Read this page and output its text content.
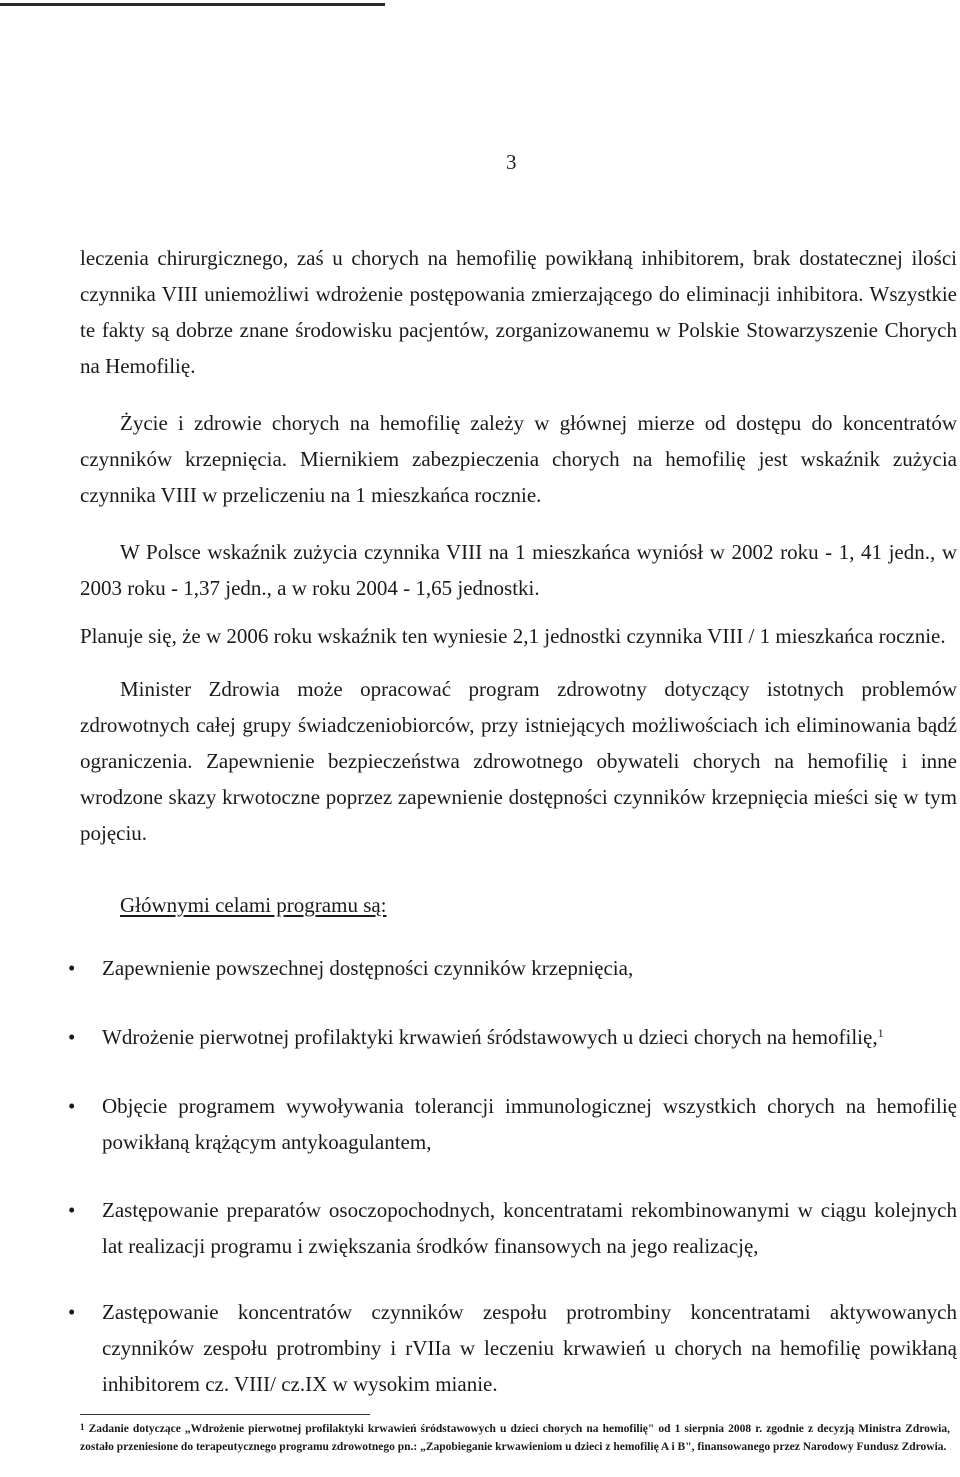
3

leczenia chirurgicznego, zaś u chorych na hemofilię powikłaną inhibitorem, brak dostatecznej ilości czynnika VIII uniemożliwi wdrożenie postępowania zmierzającego do eliminacji inhibitora. Wszystkie te fakty są dobrze znane środowisku pacjentów, zorganizowanemu w Polskie Stowarzyszenie Chorych na Hemofilię.

Życie i zdrowie chorych na hemofilię zależy w głównej mierze od dostępu do koncentratów czynników krzepnięcia. Miernikiem zabezpieczenia chorych na hemofilię jest wskaźnik zużycia czynnika VIII w przeliczeniu na 1 mieszkańca rocznie.

W Polsce wskaźnik zużycia czynnika VIII na 1 mieszkańca wyniósł w 2002 roku - 1, 41 jedn., w 2003 roku - 1,37 jedn., a w roku 2004 - 1,65 jednostki.

Planuje się, że w 2006 roku wskaźnik ten wyniesie 2,1 jednostki czynnika VIII / 1 mieszkańca rocznie.

Minister Zdrowia może opracować program zdrowotny dotyczący istotnych problemów zdrowotnych całej grupy świadczeniobiorców, przy istniejących możliwościach ich eliminowania bądź ograniczenia. Zapewnienie bezpieczeństwa zdrowotnego obywateli chorych na hemofilię i inne wrodzone skazy krwotoczne poprzez zapewnienie dostępności czynników krzepnięcia mieści się w tym pojęciu.

Głównymi celami programu są:

• Zapewnienie powszechnej dostępności czynników krzepnięcia,
• Wdrożenie pierwotnej profilaktyki krwawień śródstawowych u dzieci chorych na hemofilię,$^1$
• Objęcie programem wywoływania tolerancji immunologicznej wszystkich chorych na hemofilię powikłaną krążącym antykoagulantem,
• Zastępowanie preparatów osoczopochodnych, koncentratami rekombinowanymi w ciągu kolejnych lat realizacji programu i zwiększania środków finansowych na jego realizację,
• Zastępowanie koncentratów czynników zespołu protrombiny koncentratami aktywowanych czynników zespołu protrombiny i rVIIa w leczeniu krwawień u chorych na hemofilię powikłaną inhibitorem cz. VIII/ cz.IX w wysokim mianie.
$^1$ Zadanie dotyczące „Wdrożenie pierwotnej profilaktyki krwawień śródstawowych u dzieci chorych na hemofilię" od 1 sierpnia 2008 r. zgodnie z decyzją Ministra Zdrowia, zostało przeniesione do terapeutycznego programu zdrowotnego pn.: „Zapobieganie krwawieniom u dzieci z hemofilię A i B", finansowanego przez Narodowy Fundusz Zdrowia.
